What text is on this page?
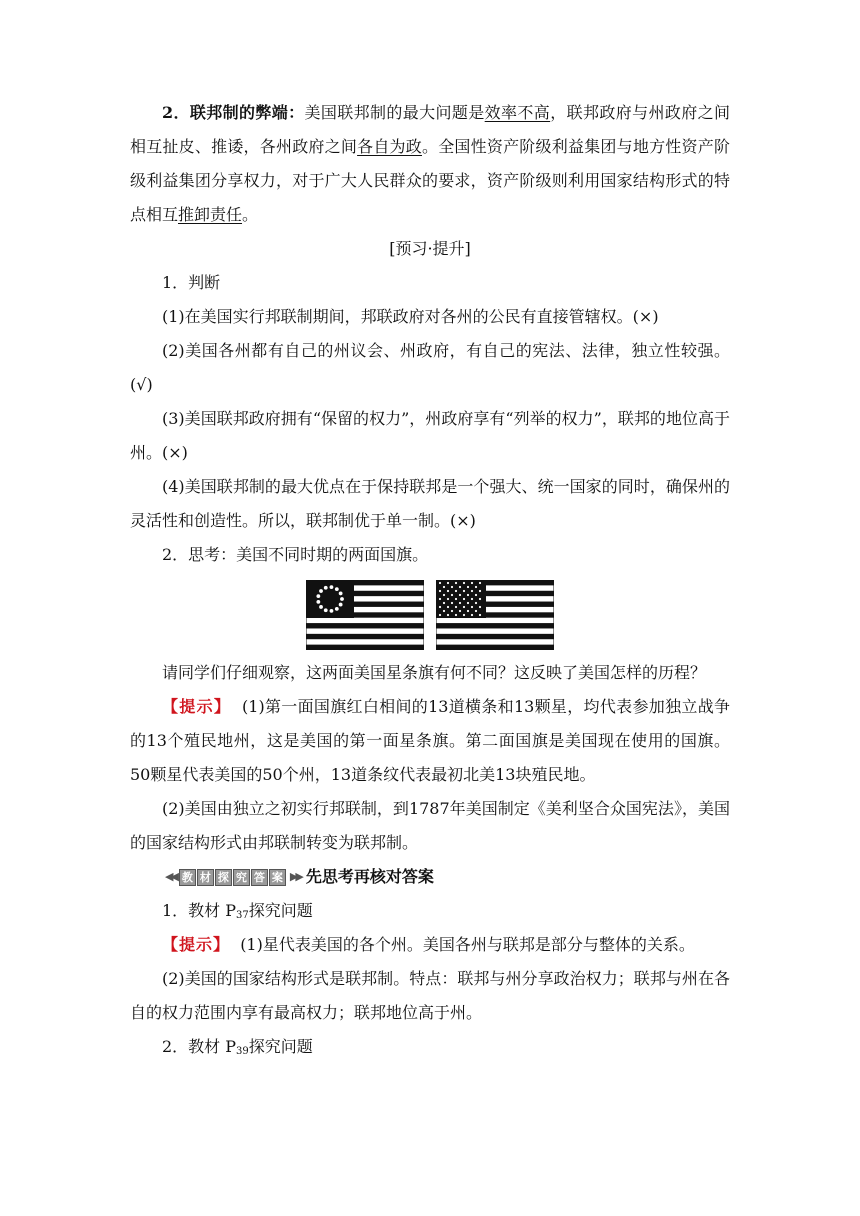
2．联邦制的弊端：美国联邦制的最大问题是效率不高，联邦政府与州政府之间相互扯皮、推诿，各州政府之间各自为政。全国性资产阶级利益集团与地方性资产阶级利益集团分享权力，对于广大人民群众的要求，资产阶级则利用国家结构形式的特点相互推卸责任。

[预习·提升]

1．判断

(1)在美国实行邦联制期间，邦联政府对各州的公民有直接管辖权。(×)

(2)美国各州都有自己的州议会、州政府，有自己的宪法、法律，独立性较强。(√)

(3)美国联邦政府拥有“保留的权力”，州政府享有“列举的权力”，联邦的地位高于州。(×)

(4)美国联邦制的最大优点在于保持联邦是一个强大、统一国家的同时，确保州的灵活性和创造性。所以，联邦制优于单一制。(×)

2．思考：美国不同时期的两面国旗。

请同学们仔细观察，这两面美国星条旗有何不同？这反映了美国怎样的历程？

【提示】 (1)第一面国旗红白相间的13道横条和13颗星，均代表参加独立战争的13个殖民地州，这是美国的第一面星条旗。第二面国旗是美国现在使用的国旗。50颗星代表美国的50个州，13道条纹代表最初北美13块殖民地。

(2)美国由独立之初实行邦联制，到1787年美国制定《美利坚合众国宪法》，美国的国家结构形式由邦联制转变为联邦制。

◀◀ 教 材 探 究 答 案 ▶▶ 先思考再核对答案

1．教材 $P_{37}$探究问题

【提示】 (1)星代表美国的各个州。美国各州与联邦是部分与整体的关系。

(2)美国的国家结构形式是联邦制。特点：联邦与州分享政治权力；联邦与州在各自的权力范围内享有最高权力；联邦地位高于州。

2．教材 $P_{39}$探究问题
